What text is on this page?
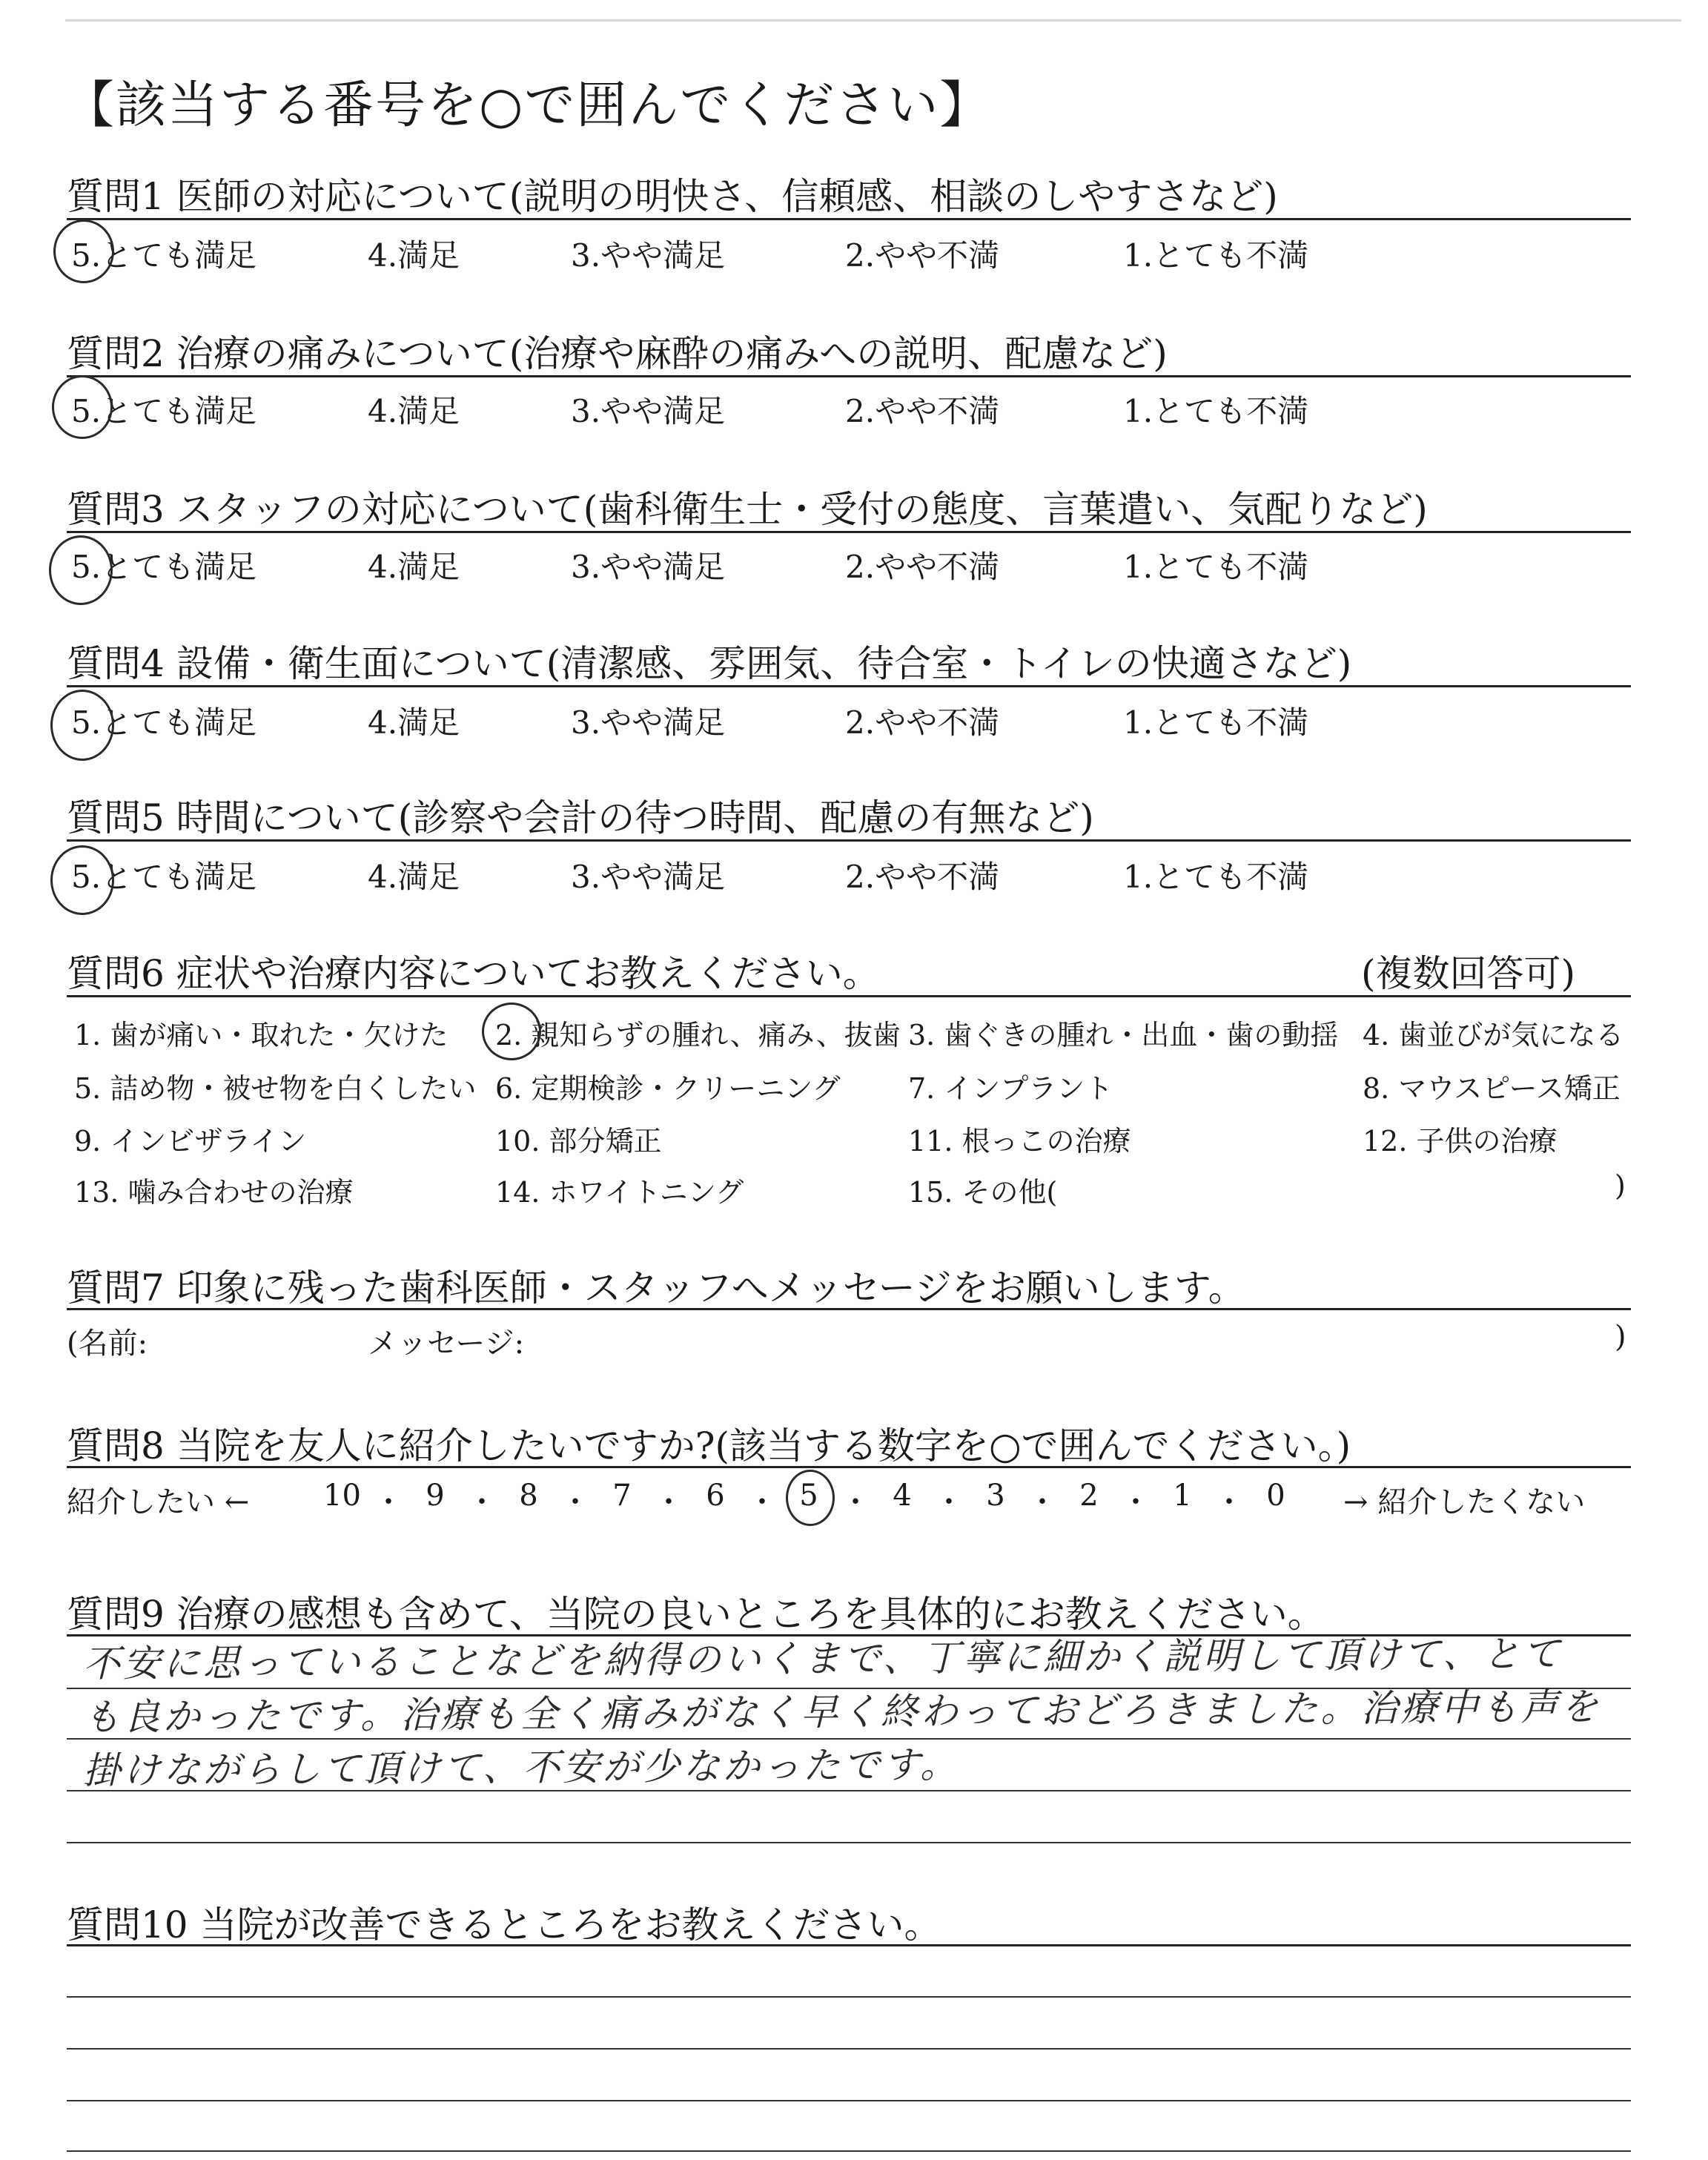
【該当する番号を○で囲んでください】
質問1 医師の対応について(説明の明快さ、信頼感、相談のしやすさなど)
5.とても満足	4.満足	3.やや満足	2.やや不満	1.とても不満
質問2 治療の痛みについて(治療や麻酔の痛みへの説明、配慮など)
5.とても満足	4.満足	3.やや満足	2.やや不満	1.とても不満
質問3 スタッフの対応について(歯科衛生士・受付の態度、言葉遣い、気配りなど)
5.とても満足	4.満足	3.やや満足	2.やや不満	1.とても不満
質問4 設備・衛生面について(清潔感、雰囲気、待合室・トイレの快適さなど)
5.とても満足	4.満足	3.やや満足	2.やや不満	1.とても不満
質問5 時間について(診察や会計の待つ時間、配慮の有無など)
5.とても満足	4.満足	3.やや満足	2.やや不満	1.とても不満
質問6 症状や治療内容についてお教えください。	(複数回答可)
1. 歯が痛い・取れた・欠けた 2. 親知らずの腫れ、痛み、抜歯 3. 歯ぐきの腫れ・出血・歯の動揺 4. 歯並びが気になる
5. 詰め物・被せ物を白くしたい 6. 定期検診・クリーニング 7. インプラント	8. マウスピース矯正
9. インビザライン	10. 部分矯正	11. 根っこの治療	12. 子供の治療
13. 噛み合わせの治療	14. ホワイトニング	15. その他(	)
質問7 印象に残った歯科医師・スタッフへメッセージをお願いします。
(名前:	メッセージ:	)
質問8 当院を友人に紹介したいですか?(該当する数字を○で囲んでください。)
紹介したい ←	→ 紹介したくない
10 ・ 9 ・ 8 ・ 7 ・ 6 ・ 5 ・ 4 ・ 3 ・ 2 ・ 1 ・ 0
質問9 治療の感想も含めて、当院の良いところを具体的にお教えください。
不安に思っていることなどを納得のいくまで、丁寧に細かく説明して頂けて、とて
も良かったです。治療も全く痛みがなく早く終わっておどろきました。治療中も声を
掛けながらして頂けて、不安が少なかったです。
質問10 当院が改善できるところをお教えください。
